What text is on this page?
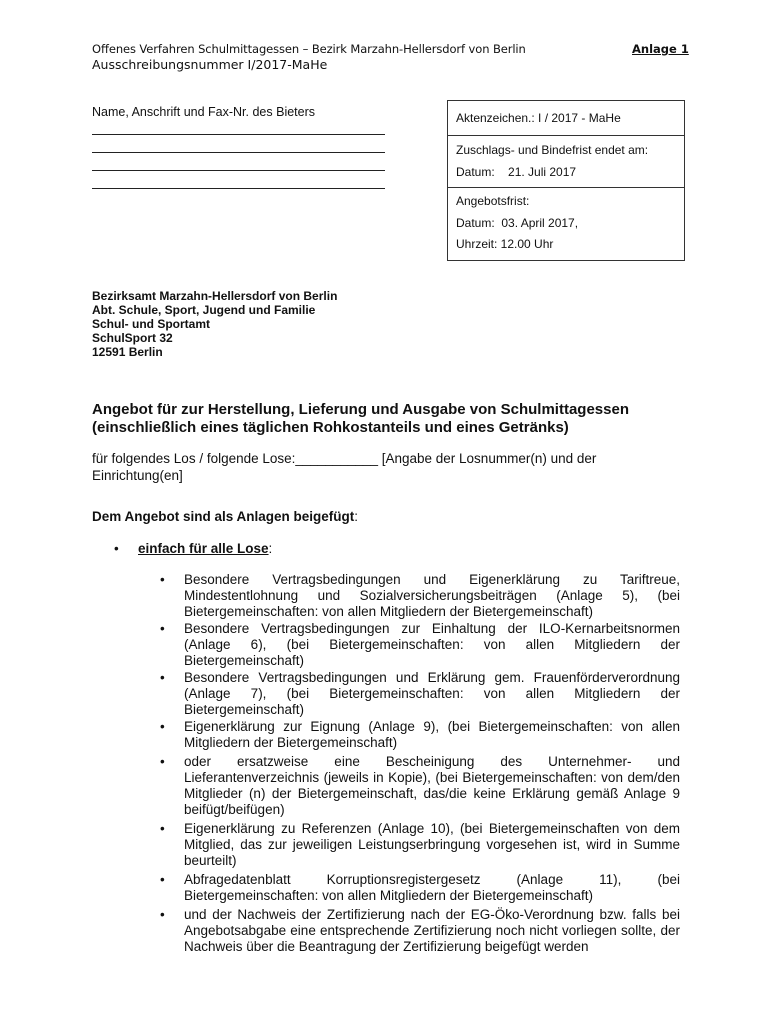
Offenes Verfahren Schulmittagessen – Bezirk Marzahn-Hellersdorf von Berlin	Anlage 1
Ausschreibungsnummer I/2017-MaHe
Name, Anschrift und Fax-Nr. des Bieters	Aktenzeichen.: I / 2017 - MaHe
Zuschlags- und Bindefrist endet am:
Datum:    21. Juli 2017
Angebotsfrist:
Datum:  03. April 2017,
Uhrzeit: 12.00 Uhr
Bezirksamt Marzahn-Hellersdorf von Berlin
Abt. Schule, Sport, Jugend und Familie
Schul- und Sportamt
SchulSport 32
12591 Berlin
Angebot für zur Herstellung, Lieferung und Ausgabe von Schulmittagessen (einschließlich eines täglichen Rohkostanteils und eines Getränks)
für folgendes Los / folgende Lose:___________ [Angabe der Losnummer(n) und der Einrichtung(en]
Dem Angebot sind als Anlagen beigefügt:
• einfach für alle Lose:
• Besondere Vertragsbedingungen und Eigenerklärung zu Tariftreue, Mindestentlohnung und Sozialversicherungsbeiträgen (Anlage 5), (bei Bietergemeinschaften: von allen Mitgliedern der Bietergemeinschaft)
• Besondere Vertragsbedingungen zur Einhaltung der ILO-Kernarbeitsnormen (Anlage 6), (bei Bietergemeinschaften: von allen Mitgliedern der Bietergemeinschaft)
• Besondere Vertragsbedingungen und Erklärung gem. Frauenförderverordnung (Anlage 7), (bei Bietergemeinschaften: von allen Mitgliedern der Bietergemeinschaft)
• Eigenerklärung zur Eignung (Anlage 9), (bei Bietergemeinschaften: von allen Mitgliedern der Bietergemeinschaft)
• oder ersatzweise eine Bescheinigung des Unternehmer- und Lieferantenverzeichnis (jeweils in Kopie), (bei Bietergemeinschaften: von dem/den Mitglieder (n) der Bietergemeinschaft, das/die keine Erklärung gemäß Anlage 9 beifügt/beifügen)
• Eigenerklärung zu Referenzen (Anlage 10), (bei Bietergemeinschaften von dem Mitglied, das zur jeweiligen Leistungserbringung vorgesehen ist, wird in Summe beurteilt)
• Abfragedatenblatt Korruptionsregistergesetz (Anlage 11), (bei Bietergemeinschaften: von allen Mitgliedern der Bietergemeinschaft)
• und der Nachweis der Zertifizierung nach der EG-Öko-Verordnung bzw. falls bei Angebotsabgabe eine entsprechende Zertifizierung noch nicht vorliegen sollte, der Nachweis über die Beantragung der Zertifizierung beigefügt werden
